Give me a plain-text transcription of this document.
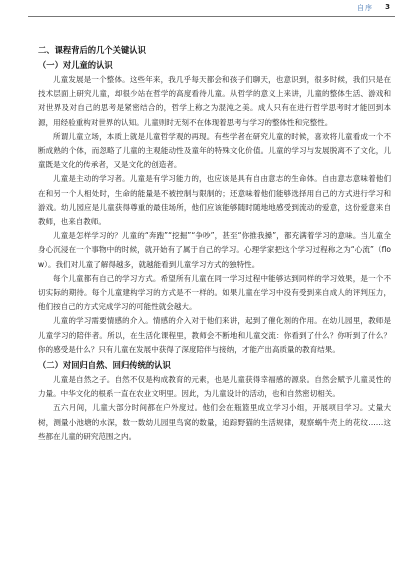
自序 3
二、课程背后的几个关键认识
（一）对儿童的认识

儿童发展是一个整体。这些年来，我几乎每天都会和孩子们聊天，也意识到，很多时候，我们只是在技术层面上研究儿童，却很少站在哲学的高度看待儿童。从哲学的意义上来讲，儿童的整体生活、游戏和对世界及对自己的思考是紧密结合的，哲学上称之为混沌之美。成人只有在进行哲学思考时才能回到本源，用经验重构对世界的认知。儿童则时无刻不在体现着思考与学习的整体性和完整性。

所谓儿童立场，本质上就是儿童哲学观的再现。有些学者在研究儿童的时候，喜欢将儿童看成一个不断成熟的个体，而忽略了儿童的主观能动性及童年的特殊文化价值。儿童的学习与发展脱离不了文化，儿童既是文化的传承者，又是文化的创造者。

儿童是主动的学习者。儿童是有学习能力的，也应该是具有自由意志的生命体。自由意志意味着他们在和另一个人相处时，生命的能量是不被控制与限制的；还意味着他们能够选择用自己的方式进行学习和游戏。幼儿园应是儿童获得尊重的最佳场所，他们应该能够随时随地地感受到流动的爱意，这份爱意来自教师，也来自教师。

儿童是怎样学习的？儿童的“奔跑”“挖掘”“争吵”，甚至“你推我搡”，都充满着学习的意味。当儿童全身心沉浸在一个事物中的时候，就开始有了属于自己的学习。心理学家把这个学习过程称之为“心流”（flow）。我们对儿童了解得越多，就越能看到儿童学习方式的独特性。

每个儿童都有自己的学习方式。希望所有儿童在同一学习过程中能够达到同样的学习效果，是一个不切实际的期待。每个儿童建构学习的方式是不一样的。如果儿童在学习中没有受到来自成人的评判压力，他们按自己的方式完成学习的可能性就会越大。

儿童的学习需要情感的介入。情感的介入对于他们来讲，起到了催化剂的作用。在幼儿园里，教师是儿童学习的陪伴者。所以，在生活化课程里，教师会不断地和儿童交流：你看到了什么？你听到了什么？你的感受是什么？只有儿童在发展中获得了深度陪伴与接纳，才能产出高质量的教育结果。

（二）对回归自然、回归传统的认识

儿童是自然之子。自然不仅是构成教育的元素，也是儿童获得幸福感的源泉。自然会赋予儿童灵性的力量。中华文化的根系一直在农业文明里。因此，为儿童设计的活动，也和自然密切相关。

五六月间，儿童大部分时间都在户外度过。他们会在瓶篮里成立学习小组，开展项目学习。丈量大树，测量小池塘的水深，数一数幼儿园里鸟窝的数量，追踪野猫的生活规律，观察蜗牛壳上的花纹……这些都在儿童的研究范围之内。
